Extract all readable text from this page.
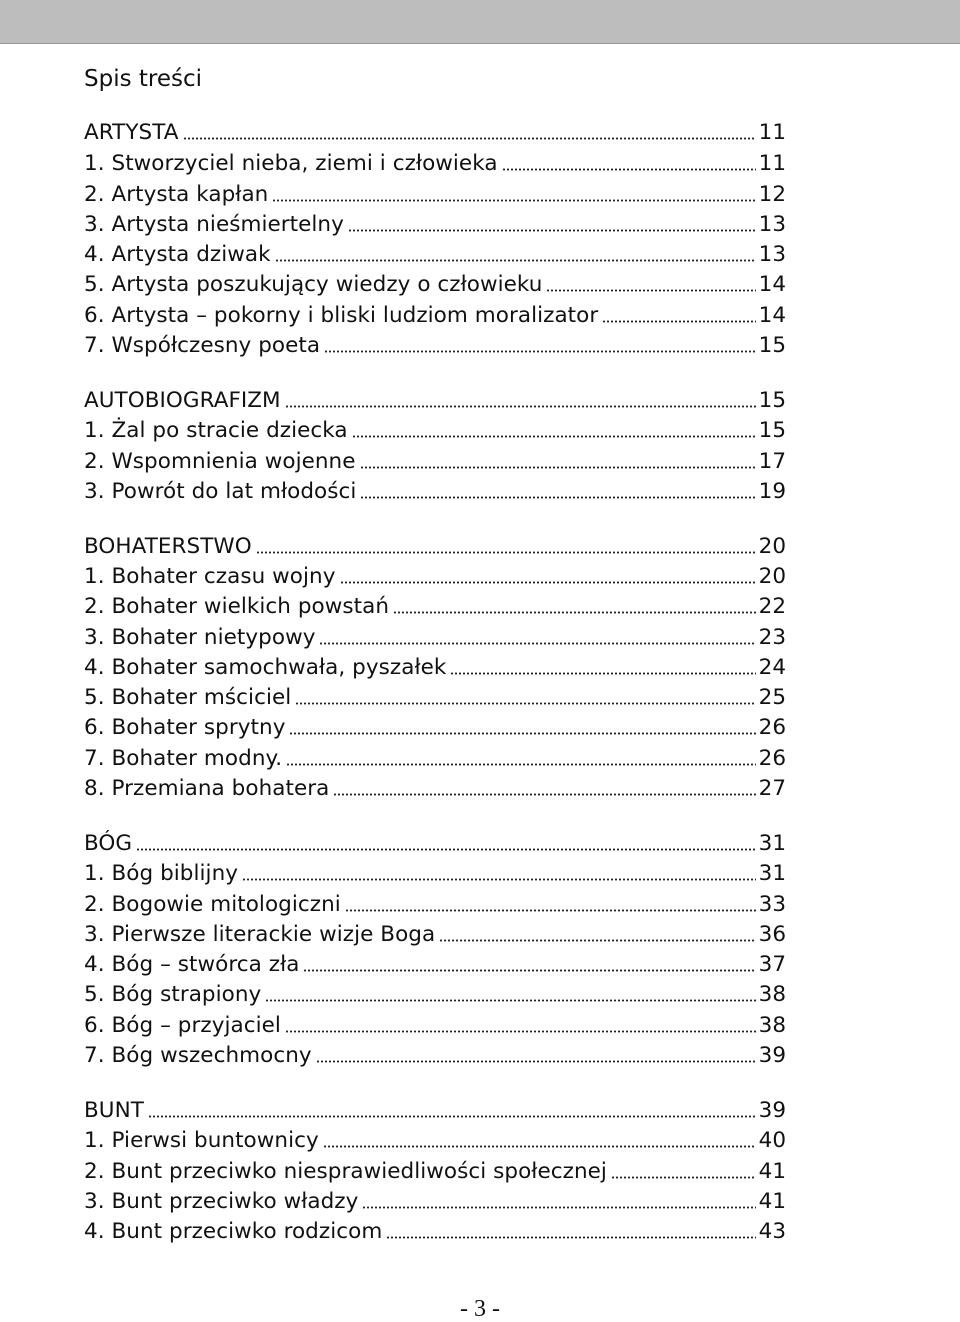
Spis treści
ARTYSTA	11
1. Stworzyciel nieba, ziemi i człowieka	11
2. Artysta kapłan	12
3. Artysta nieśmiertelny	13
4. Artysta dziwak	13
5. Artysta poszukujący wiedzy o człowieku	14
6. Artysta – pokorny i bliski ludziom moralizator	14
7. Współczesny poeta	15
AUTOBIOGRAFIZM	15
1. Żal po stracie dziecka	15
2. Wspomnienia wojenne	17
3. Powrót do lat młodości	19
BOHATERSTWO	20
1. Bohater czasu wojny	20
2. Bohater wielkich powstań	22
3. Bohater nietypowy	23
4. Bohater samochwała, pyszałek	24
5. Bohater mściciel	25
6. Bohater sprytny	26
7. Bohater modny.	26
8. Przemiana bohatera	27
BÓG	31
1. Bóg biblijny	31
2. Bogowie mitologiczni	33
3. Pierwsze literackie wizje Boga	36
4. Bóg – stwórca zła	37
5. Bóg strapiony	38
6. Bóg – przyjaciel	38
7. Bóg wszechmocny	39
BUNT	39
1. Pierwsi buntownicy	40
2. Bunt przeciwko niesprawiedliwości społecznej	41
3. Bunt przeciwko władzy	41
4. Bunt przeciwko rodzicom	43
- 3 -
